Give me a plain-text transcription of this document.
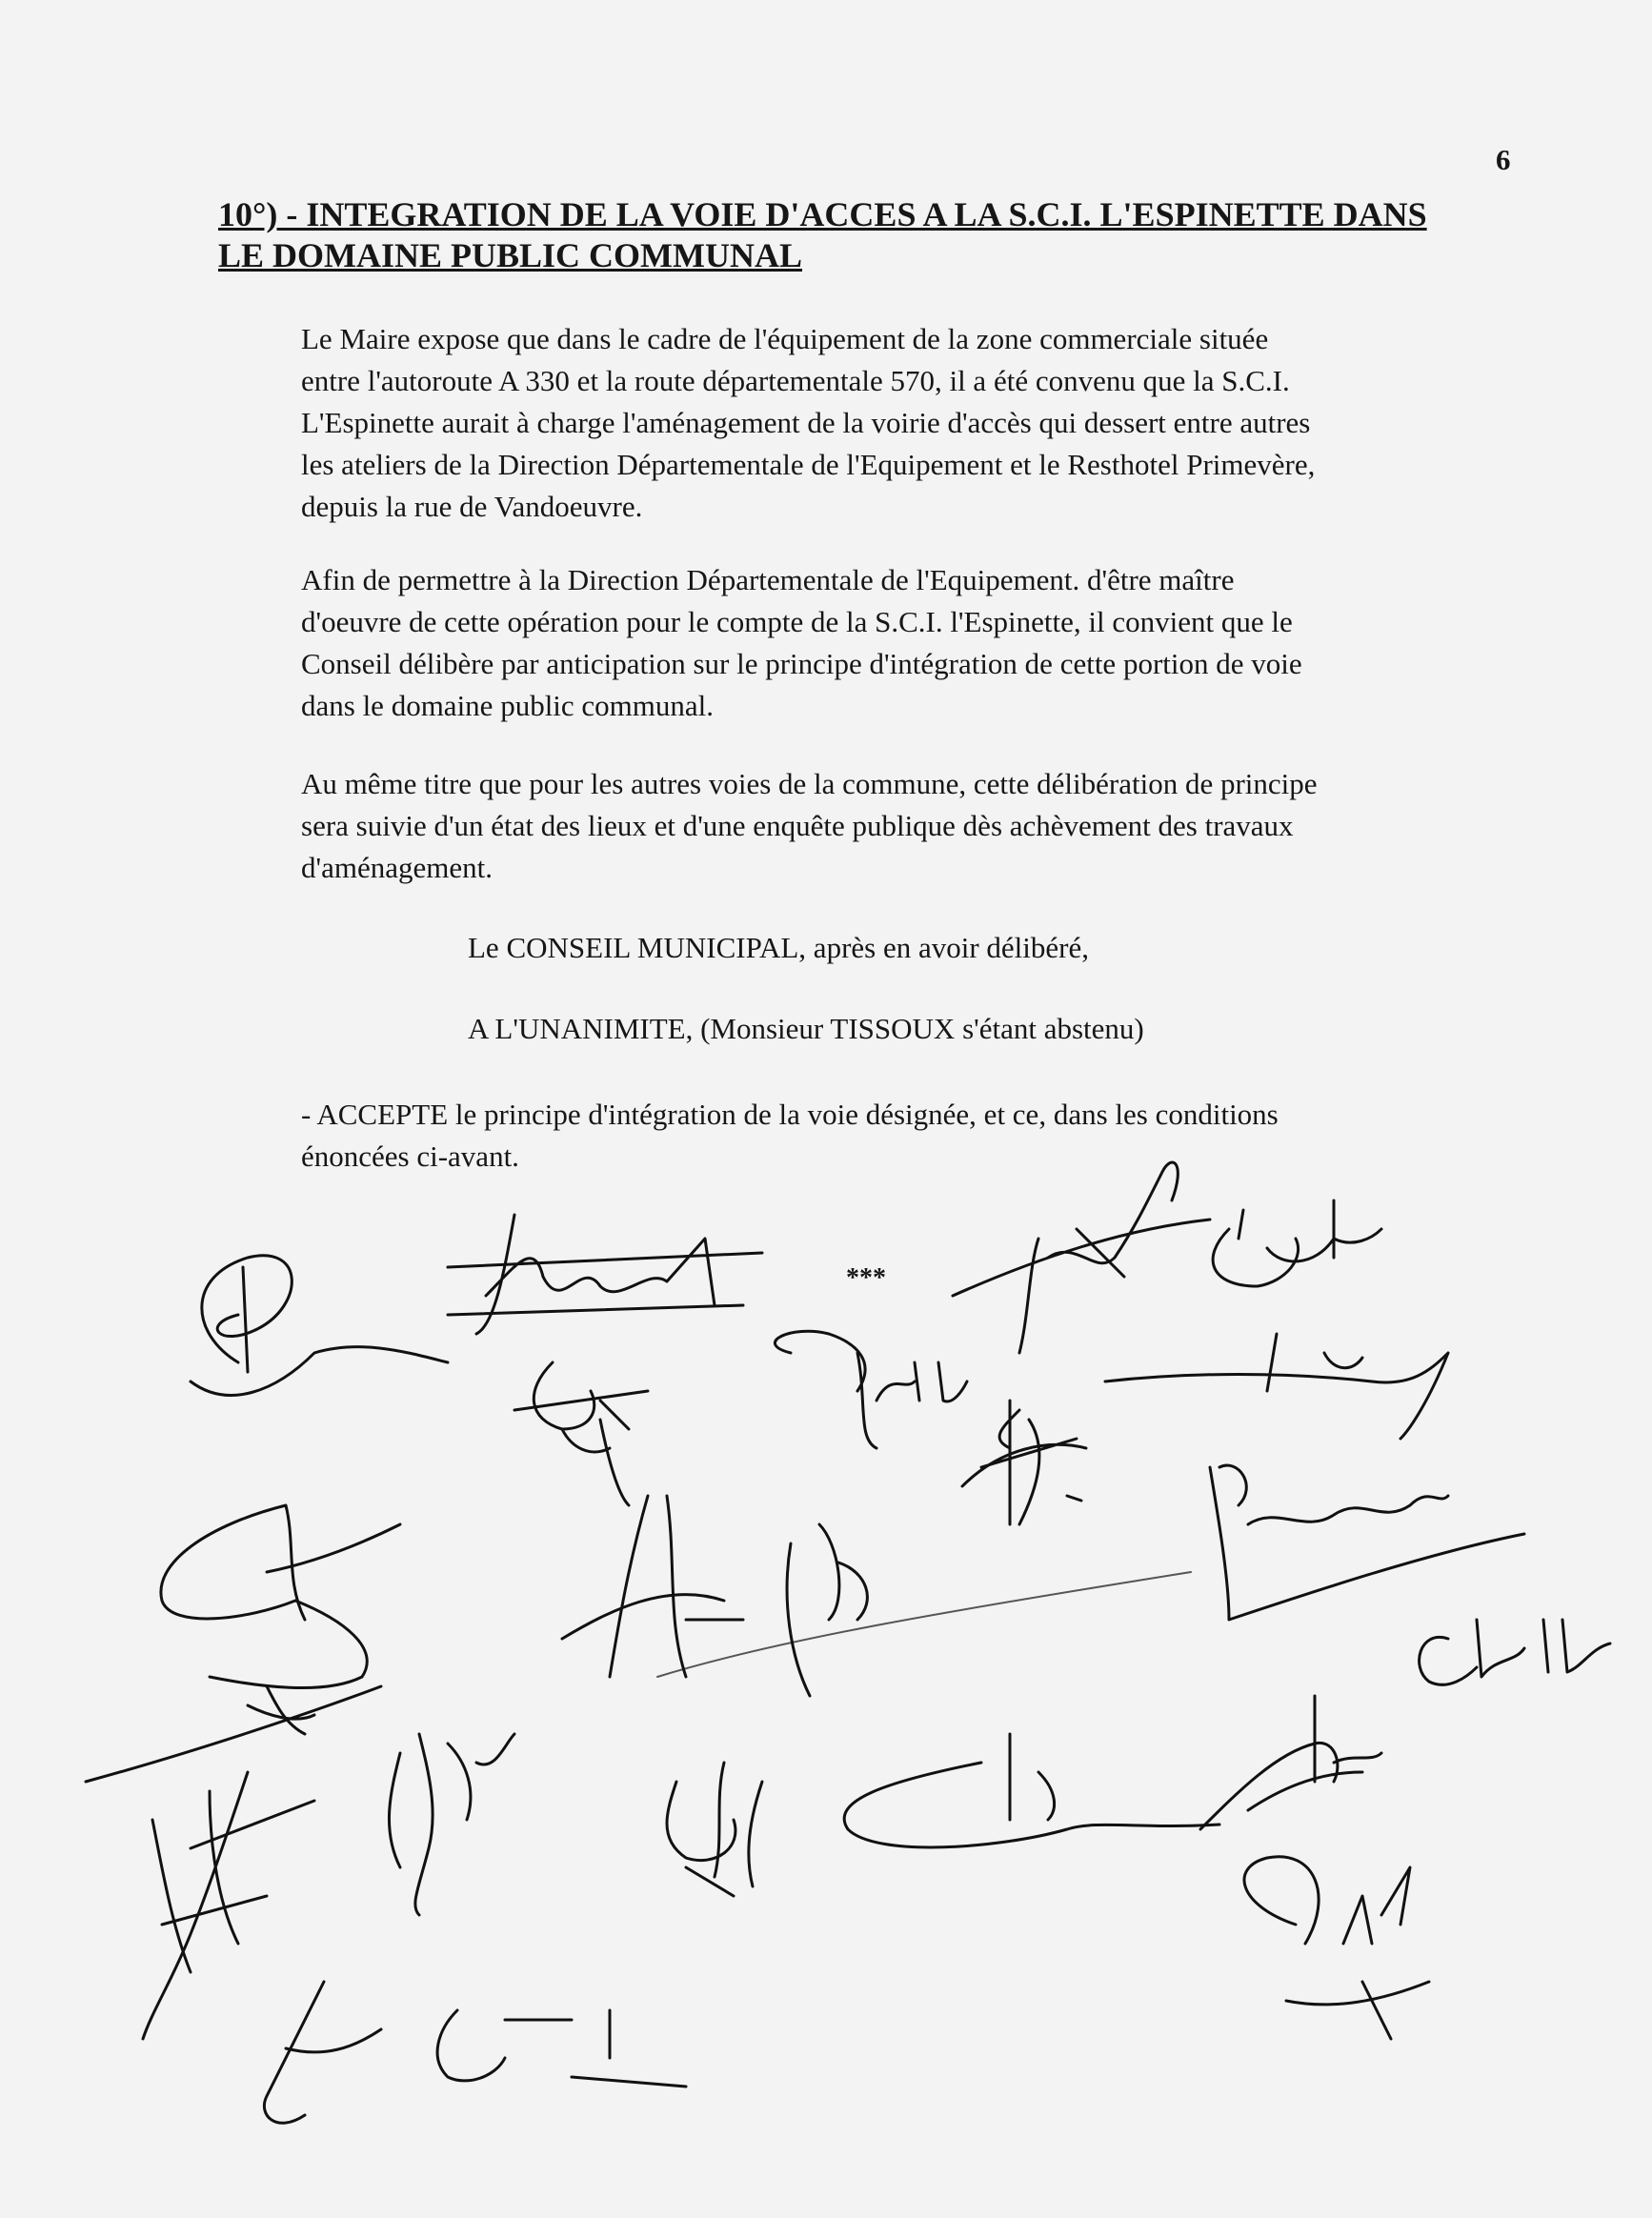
6
10°) - INTEGRATION DE LA VOIE D'ACCES A LA S.C.I. L'ESPINETTE DANS
LE DOMAINE PUBLIC COMMUNAL
Le Maire expose que dans le cadre de l'équipement de la zone commerciale située
entre l'autoroute A 330 et la route départementale 570, il a été convenu que la S.C.I.
L'Espinette aurait à charge l'aménagement de la voirie d'accès qui dessert entre autres
les ateliers de la Direction Départementale de l'Equipement et le Resthotel Primevère,
depuis la rue de Vandoeuvre.
Afin de permettre à la Direction Départementale de l'Equipement. d'être maître
d'oeuvre de cette opération pour le compte de la S.C.I. l'Espinette, il convient que le
Conseil délibère par anticipation sur le principe d'intégration de cette portion de voie
dans le domaine public communal.
Au même titre que pour les autres voies de la commune, cette délibération de principe
sera suivie d'un état des lieux et d'une enquête publique dès achèvement des travaux
d'aménagement.
Le CONSEIL MUNICIPAL, après en avoir délibéré,
A L'UNANIMITE, (Monsieur TISSOUX s'étant abstenu)
- ACCEPTE le principe d'intégration de la voie désignée, et ce, dans les conditions
énoncées ci-avant.
***
